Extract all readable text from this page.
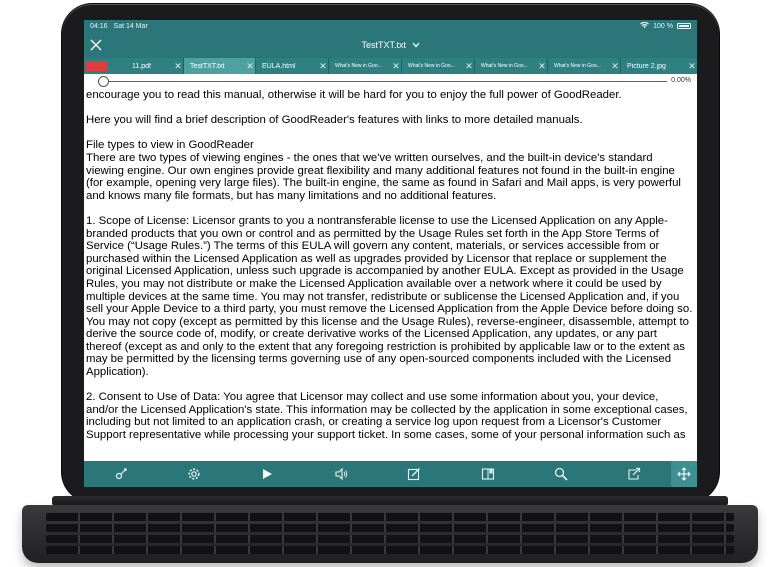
04:16 Sat 14 Mar	100 %
TestTXT.txt
11.pdf	✕ TestTXT.txt	✕ EULA.html	✕ What's New in Goo...	✕ What's New in Goo...	✕ What's New in Goo...	✕ What's New in Goo...	✕ Picture 2.jpg	✕
0.00%

encourage you to read this manual, otherwise it will be hard for you to enjoy the full power of GoodReader.

Here you will find a brief description of GoodReader's features with links to more detailed manuals.

File types to view in GoodReader
There are two types of viewing engines - the ones that we've written ourselves, and the built-in device's standard viewing engine. Our own engines provide great flexibility and many additional features not found in the built-in engine (for example, opening very large files). The built-in engine, the same as found in Safari and Mail apps, is very powerful and knows many file formats, but has many limitations and no additional features.

1. Scope of License: Licensor grants to you a nontransferable license to use the Licensed Application on any Apple-branded products that you own or control and as permitted by the Usage Rules set forth in the App Store Terms of Service (“Usage Rules.”) The terms of this EULA will govern any content, materials, or services accessible from or purchased within the Licensed Application as well as upgrades provided by Licensor that replace or supplement the original Licensed Application, unless such upgrade is accompanied by another EULA. Except as provided in the Usage Rules, you may not distribute or make the Licensed Application available over a network where it could be used by multiple devices at the same time. You may not transfer, redistribute or sublicense the Licensed Application and, if you sell your Apple Device to a third party, you must remove the Licensed Application from the Apple Device before doing so. You may not copy (except as permitted by this license and the Usage Rules), reverse-engineer, disassemble, attempt to derive the source code of, modify, or create derivative works of the Licensed Application, any updates, or any part thereof (except as and only to the extent that any foregoing restriction is prohibited by applicable law or to the extent as may be permitted by the licensing terms governing use of any open-sourced components included with the Licensed Application).

2. Consent to Use of Data: You agree that Licensor may collect and use some information about you, your device, and/or the Licensed Application's state. This information may be collected by the application in some exceptional cases, including but not limited to an application crash, or creating a service log upon request from a Licensor's Customer Support representative while processing your support ticket. In some cases, some of your personal information such as
